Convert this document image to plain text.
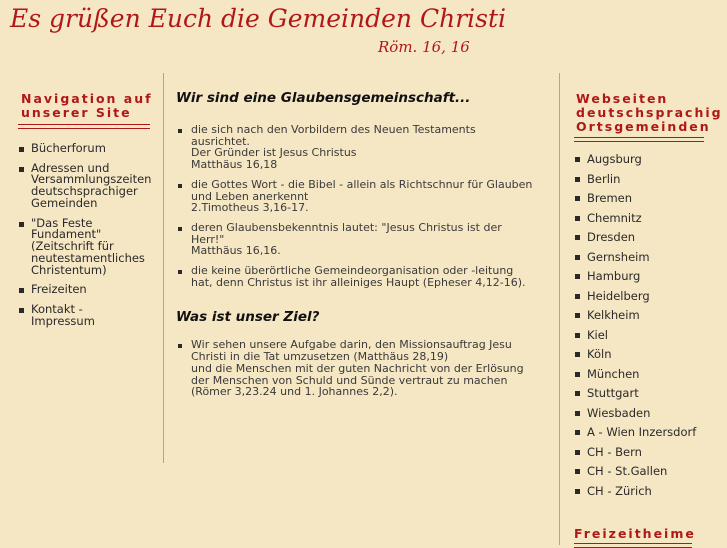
Es grüßen Euch die Gemeinden Christi
Röm. 16, 16
Navigation auf
unserer Site
Bücherforum
Adressen und
Versammlungszeiten
deutschsprachiger
Gemeinden
"Das Feste
Fundament"
(Zeitschrift für
neutestamentliches
Christentum)
Freizeiten
Kontakt -
Impressum
Wir sind eine Glaubensgemeinschaft...
die sich nach den Vorbildern des Neuen Testaments
ausrichtet.
Der Gründer ist Jesus Christus
Matthäus 16,18
die Gottes Wort - die Bibel - allein als Richtschnur für Glauben
und Leben anerkennt
2.Timotheus 3,16-17.
deren Glaubensbekenntnis lautet: "Jesus Christus ist der
Herr!"
Matthäus 16,16.
die keine überörtliche Gemeindeorganisation oder -leitung
hat, denn Christus ist ihr alleiniges Haupt (Epheser 4,12-16).
Was ist unser Ziel?
Wir sehen unsere Aufgabe darin, den Missionsauftrag Jesu
Christi in die Tat umzusetzen (Matthäus 28,19)
und die Menschen mit der guten Nachricht von der Erlösung
der Menschen von Schuld und Sünde vertraut zu machen
(Römer 3,23.24 und 1. Johannes 2,2).
Webseiten
deutschsprachig
Ortsgemeinden
Augsburg
Berlin
Bremen
Chemnitz
Dresden
Gernsheim
Hamburg
Heidelberg
Kelkheim
Kiel
Köln
München
Stuttgart
Wiesbaden
A - Wien Inzersdorf
CH - Bern
CH - St.Gallen
CH - Zürich
Freizeitheime
